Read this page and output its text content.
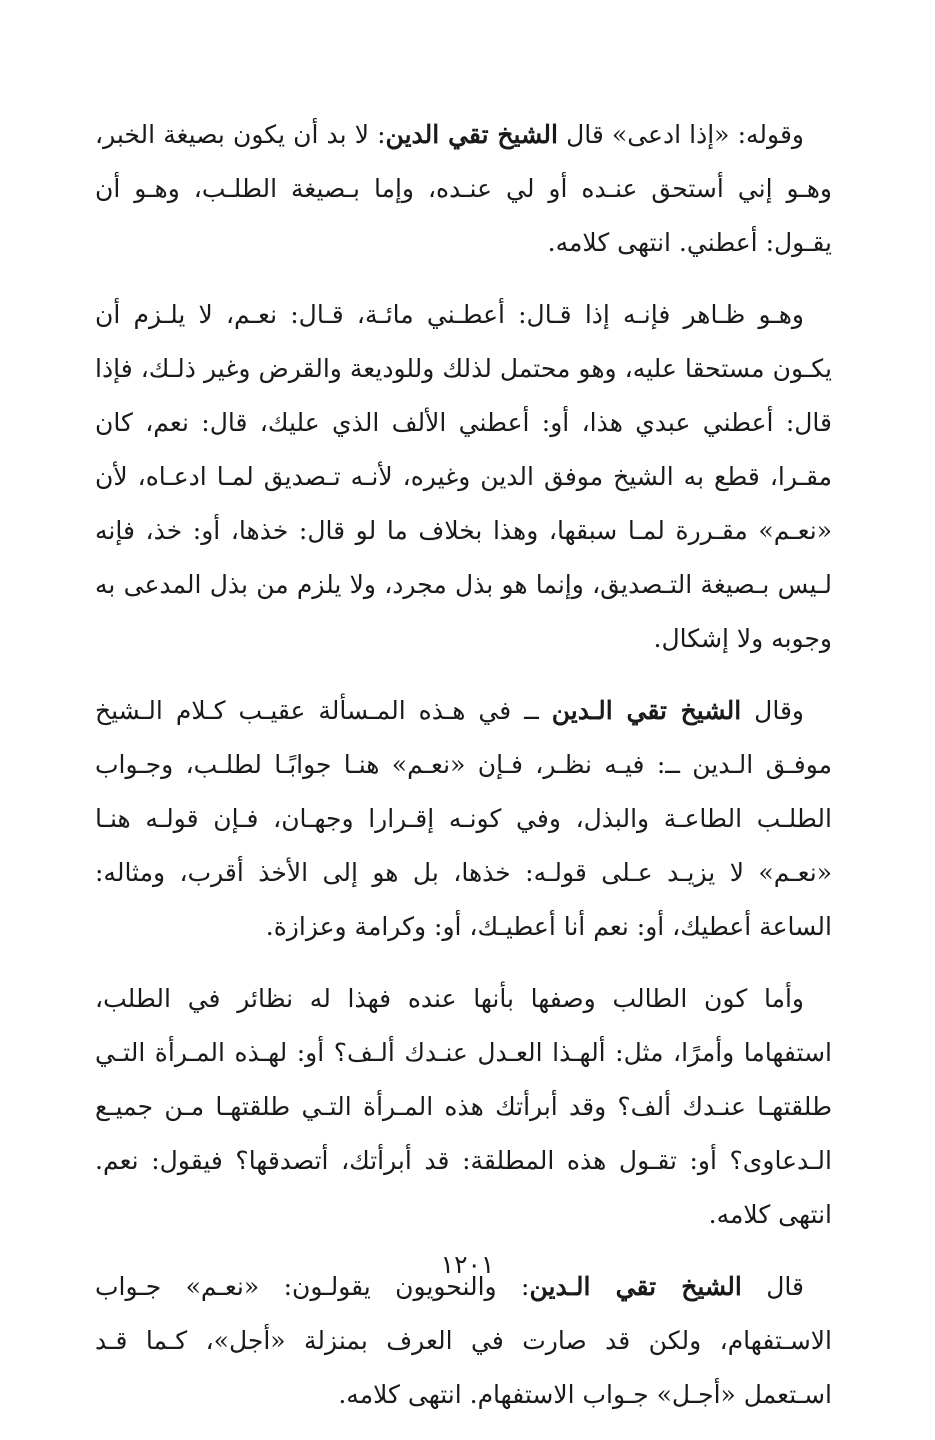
وقوله: «إذا ادعى» قال الشيخ تقي الدين: لا بد أن يكون بصيغة الخبر، وهـو إني أستحق عنـده أو لي عنـده، وإما بـصيغة الطلـب، وهـو أن يقـول: أعطني. انتهى كلامه.

وهـو ظـاهر فإنـه إذا قـال: أعطـني مائـة، قـال: نعـم، لا يلـزم أن يكـون مستحقا عليه، وهو محتمل لذلك وللوديعة والقرض وغير ذلـك، فإذا قال: أعطني عبدي هذا، أو: أعطني الألف الذي عليك، قال: نعم، كان مقـرا، قطع به الشيخ موفق الدين وغيره، لأنـه تـصديق لمـا ادعـاه، لأن «نعـم» مقـررة لمـا سبقها، وهذا بخلاف ما لو قال: خذها، أو: خذ، فإنه لـيس بـصيغة التـصديق، وإنما هو بذل مجرد، ولا يلزم من بذل المدعى به وجوبه ولا إشكال.

وقال الشيخ تقي الـدين ــ في هـذه المـسألة عقيـب كـلام الـشيخ موفـق الـدين ــ: فيـه نظـر، فـإن «نعـم» هنـا جوابًـا لطلـب، وجـواب الطلـب الطاعـة والبذل، وفي كونـه إقـرارا وجهـان، فـإن قولـه هنـا «نعـم» لا يزيـد عـلى قولـه: خذها، بل هو إلى الأخذ أقرب، ومثاله: الساعة أعطيك، أو: نعم أنا أعطيـك، أو: وكرامة وعزازة.

وأما كون الطالب وصفها بأنها عنده فهذا له نظائر في الطلب، استفهاما وأمرًا، مثل: ألهـذا العـدل عنـدك ألـف؟ أو: لهـذه المـرأة التـي طلقتهـا عنـدك ألف؟ وقد أبرأتك هذه المـرأة التـي طلقتهـا مـن جميـع الـدعاوى؟ أو: تقـول هذه المطلقة: قد أبرأتك، أتصدقها؟ فيقول: نعم. انتهى كلامه.

قال الشيخ تقي الـدين: والنحويون يقولـون: «نعـم» جـواب الاسـتفهام، ولكن قد صارت في العرف بمنزلة «أجل»، كـما قـد اسـتعمل «أجـل» جـواب الاستفهام. انتهى كلامه.

١٢٠١
